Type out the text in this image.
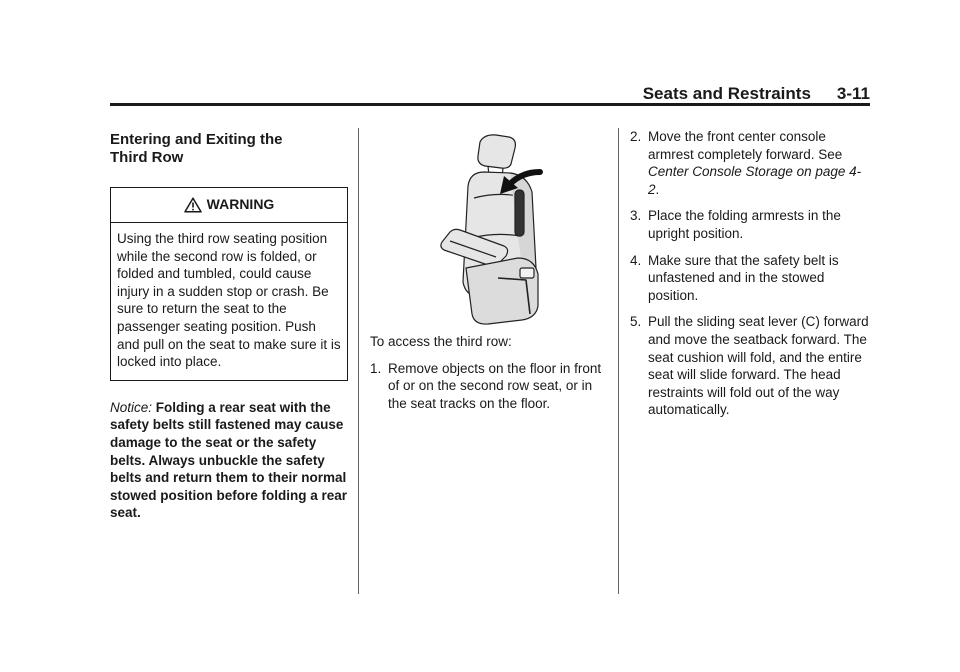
Seats and Restraints 3-11
Entering and Exiting the
Third Row
WARNING
Using the third row seating position while the second row is folded, or folded and tumbled, could cause injury in a sudden stop or crash. Be sure to return the seat to the passenger seating position. Push and pull on the seat to make sure it is locked into place.
Notice: Folding a rear seat with the safety belts still fastened may cause damage to the seat or the safety belts. Always unbuckle the safety belts and return them to their normal stowed position before folding a rear seat.
To access the third row:
1. Remove objects on the floor in front of or on the second row seat, or in the seat tracks on the floor.
2. Move the front center console armrest completely forward. See Center Console Storage on page 4-2.
3. Place the folding armrests in the upright position.
4. Make sure that the safety belt is unfastened and in the stowed position.
5. Pull the sliding seat lever (C) forward and move the seatback forward. The seat cushion will fold, and the entire seat will slide forward. The head restraints will fold out of the way automatically.
